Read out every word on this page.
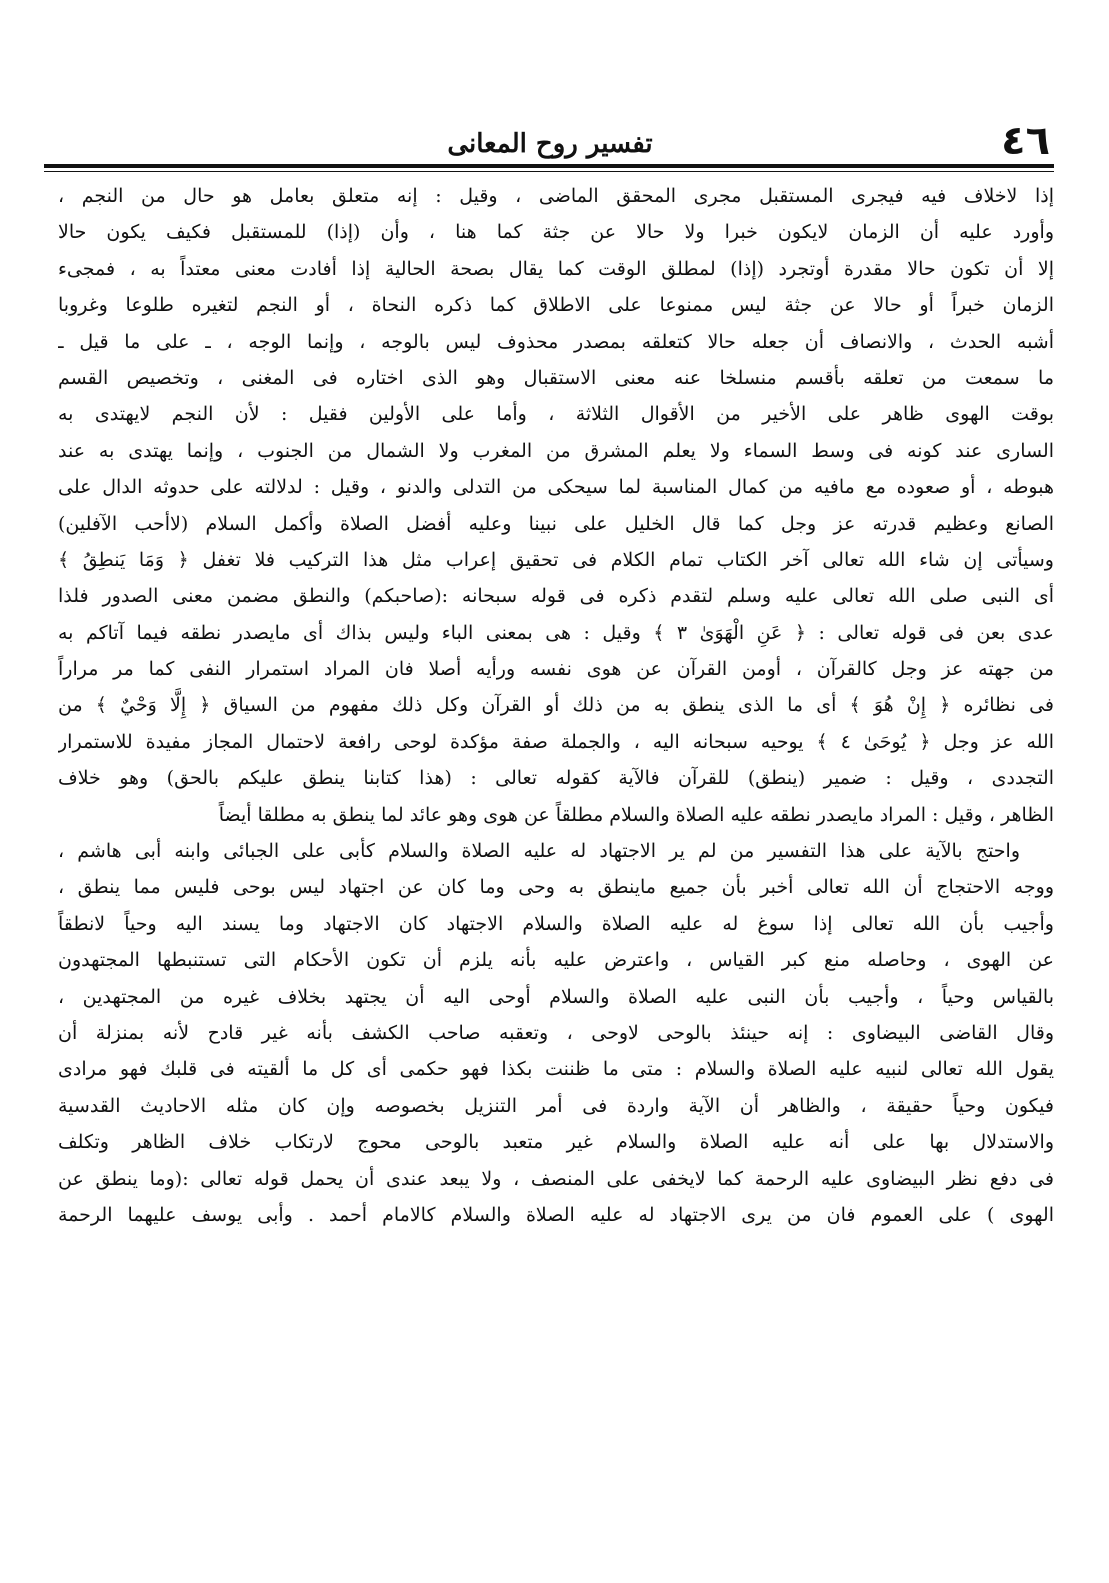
٤٦
تفسير روح المعانى
إذا لاخلاف فيه فيجرى المستقبل مجرى المحقق الماضى ، وقيل : إنه متعلق بعامل هو حال من النجم ،
وأورد عليه أن الزمان لايكون خبرا ولا حالا عن جثة كما هنا ، وأن (إذا) للمستقبل فكيف يكون حالا
إلا أن تكون حالا مقدرة أوتجرد (إذا) لمطلق الوقت كما يقال بصحة الحالية إذا أفادت معنى معتداً به ، فمجىء
الزمان خبراً أو حالا عن جثة ليس ممنوعا على الاطلاق كما ذكره النحاة ، أو النجم لتغيره طلوعا وغروبا
أشبه الحدث ، والانصاف أن جعله حالا كتعلقه بمصدر محذوف ليس بالوجه ، وإنما الوجه ، ـ على ما قيل ـ
ما سمعت من تعلقه بأقسم منسلخا عنه معنى الاستقبال وهو الذى اختاره فى المغنى ، وتخصيص القسم
بوقت الهوى ظاهر على الأخير من الأقوال الثلاثة ، وأما على الأولين فقيل : لأن النجم لايهتدى به
السارى عند كونه فى وسط السماء ولا يعلم المشرق من المغرب ولا الشمال من الجنوب ، وإنما يهتدى به عند
هبوطه ، أو صعوده مع مافيه من كمال المناسبة لما سيحكى من التدلى والدنو ، وقيل : لدلالته على حدوثه الدال على
الصانع وعظيم قدرته عز وجل كما قال الخليل على نبينا وعليه أفضل الصلاة وأكمل السلام (لاأحب الآفلين)
وسيأتى إن شاء الله تعالى آخر الكتاب تمام الكلام فى تحقيق إعراب مثل هذا التركيب فلا تغفل ﴿ وَمَا يَنطِقُ ﴾
أى النبى صلى الله تعالى عليه وسلم لتقدم ذكره فى قوله سبحانه :(صاحبكم) والنطق مضمن معنى الصدور فلذا
عدى بعن فى قوله تعالى : ﴿ عَنِ الْهَوَىٰ ٣ ﴾ وقيل : هى بمعنى الباء وليس بذاك أى مايصدر نطقه فيما آتاكم به
من جهته عز وجل كالقرآن ، أومن القرآن عن هوى نفسه ورأيه أصلا فان المراد استمرار النفى كما مر مراراً
فى نظائره ﴿ إِنْ هُوَ ﴾ أى ما الذى ينطق به من ذلك أو القرآن وكل ذلك مفهوم من السياق ﴿ إِلَّا وَحْيٌ ﴾ من
الله عز وجل ﴿ يُوحَىٰ ٤ ﴾ يوحيه سبحانه اليه ، والجملة صفة مؤكدة لوحى رافعة لاحتمال المجاز مفيدة للاستمرار
التجددى ، وقيل : ضمير (ينطق) للقرآن فالآية كقوله تعالى : (هذا كتابنا ينطق عليكم بالحق) وهو خلاف
الظاهر ، وقيل : المراد مايصدر نطقه عليه الصلاة والسلام مطلقاً عن هوى وهو عائد لما ينطق به مطلقا أيضاً
واحتج بالآية على هذا التفسير من لم ير الاجتهاد له عليه الصلاة والسلام كأبى على الجبائى وابنه أبى هاشم ،
ووجه الاحتجاج أن الله تعالى أخبر بأن جميع ماينطق به وحى وما كان عن اجتهاد ليس بوحى فليس مما ينطق ،
وأجيب بأن الله تعالى إذا سوغ له عليه الصلاة والسلام الاجتهاد كان الاجتهاد وما يسند اليه وحياً لانطقاً
عن الهوى ، وحاصله منع كبر القياس ، واعترض عليه بأنه يلزم أن تكون الأحكام التى تستنبطها المجتهدون
بالقياس وحياً ، وأجيب بأن النبى عليه الصلاة والسلام أوحى اليه أن يجتهد بخلاف غيره من المجتهدين ،
وقال القاضى البيضاوى : إنه حينئذ بالوحى لاوحى ، وتعقبه صاحب الكشف بأنه غير قادح لأنه بمنزلة أن
يقول الله تعالى لنبيه عليه الصلاة والسلام : متى ما ظننت بكذا فهو حكمى أى كل ما ألقيته فى قلبك فهو مرادى
فيكون وحياً حقيقة ، والظاهر أن الآية واردة فى أمر التنزيل بخصوصه وإن كان مثله الاحاديث القدسية
والاستدلال بها على أنه عليه الصلاة والسلام غير متعبد بالوحى محوج لارتكاب خلاف الظاهر وتكلف
فى دفع نظر البيضاوى عليه الرحمة كما لايخفى على المنصف ، ولا يبعد عندى أن يحمل قوله تعالى :(وما ينطق عن
الهوى ) على العموم فان من يرى الاجتهاد له عليه الصلاة والسلام كالامام أحمد . وأبى يوسف عليهما الرحمة
